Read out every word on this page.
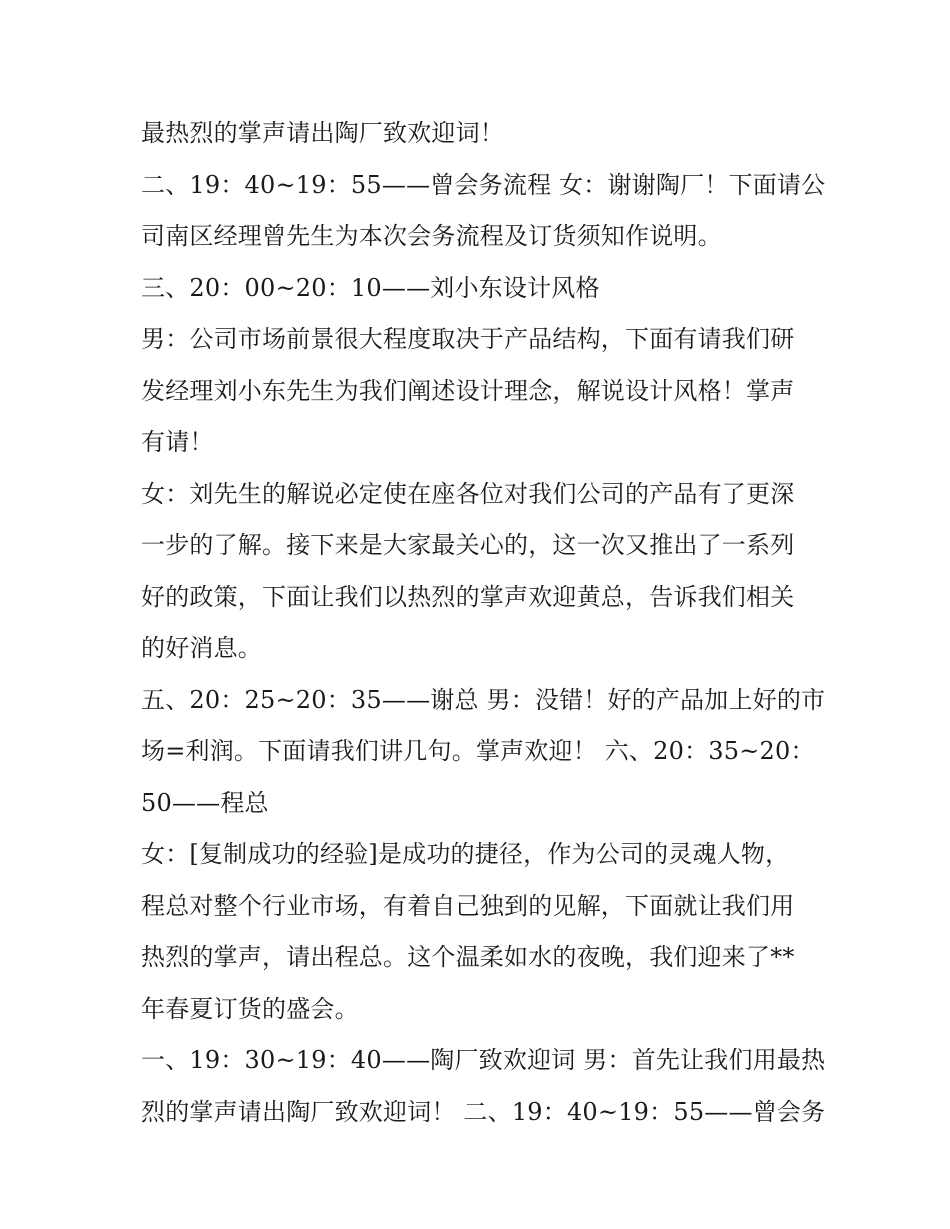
最热烈的掌声请出陶厂致欢迎词！
二、19：40~19：55——曾会务流程 女：谢谢陶厂！下面请公
司南区经理曾先生为本次会务流程及订货须知作说明。
三、20：00~20：10——刘小东设计风格
男：公司市场前景很大程度取决于产品结构，下面有请我们研
发经理刘小东先生为我们阐述设计理念，解说设计风格！掌声
有请！
女：刘先生的解说必定使在座各位对我们公司的产品有了更深
一步的了解。接下来是大家最关心的，这一次又推出了一系列
好的政策，下面让我们以热烈的掌声欢迎黄总，告诉我们相关
的好消息。
五、20：25~20：35——谢总 男：没错！好的产品加上好的市
场=利润。下面请我们讲几句。掌声欢迎！ 六、20：35~20：
50——程总
女：[复制成功的经验]是成功的捷径，作为公司的灵魂人物，
程总对整个行业市场，有着自己独到的见解，下面就让我们用
热烈的掌声，请出程总。这个温柔如水的夜晚，我们迎来了**
年春夏订货的盛会。
一、19：30~19：40——陶厂致欢迎词 男：首先让我们用最热
烈的掌声请出陶厂致欢迎词！ 二、19：40~19：55——曾会务
